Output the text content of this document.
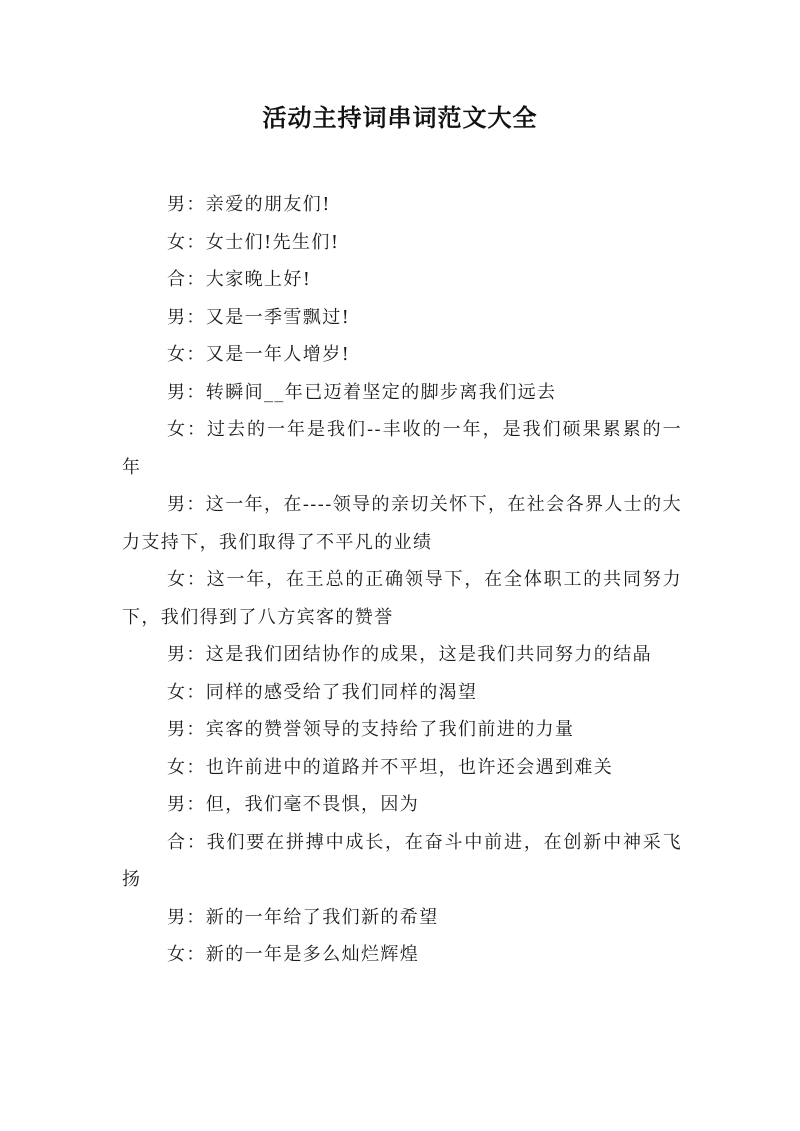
活动主持词串词范文大全

男：亲爱的朋友们!

女：女士们!先生们!

合：大家晚上好!

男：又是一季雪飘过!

女：又是一年人增岁!

男：转瞬间__年已迈着坚定的脚步离我们远去

女：过去的一年是我们--丰收的一年，是我们硕果累累的一年

男：这一年，在----领导的亲切关怀下，在社会各界人士的大力支持下，我们取得了不平凡的业绩

女：这一年，在王总的正确领导下，在全体职工的共同努力下，我们得到了八方宾客的赞誉

男：这是我们团结协作的成果，这是我们共同努力的结晶

女：同样的感受给了我们同样的渴望

男：宾客的赞誉领导的支持给了我们前进的力量

女：也许前进中的道路并不平坦，也许还会遇到难关

男：但，我们毫不畏惧，因为

合：我们要在拼搏中成长，在奋斗中前进，在创新中神采飞扬

男：新的一年给了我们新的希望

女：新的一年是多么灿烂辉煌
